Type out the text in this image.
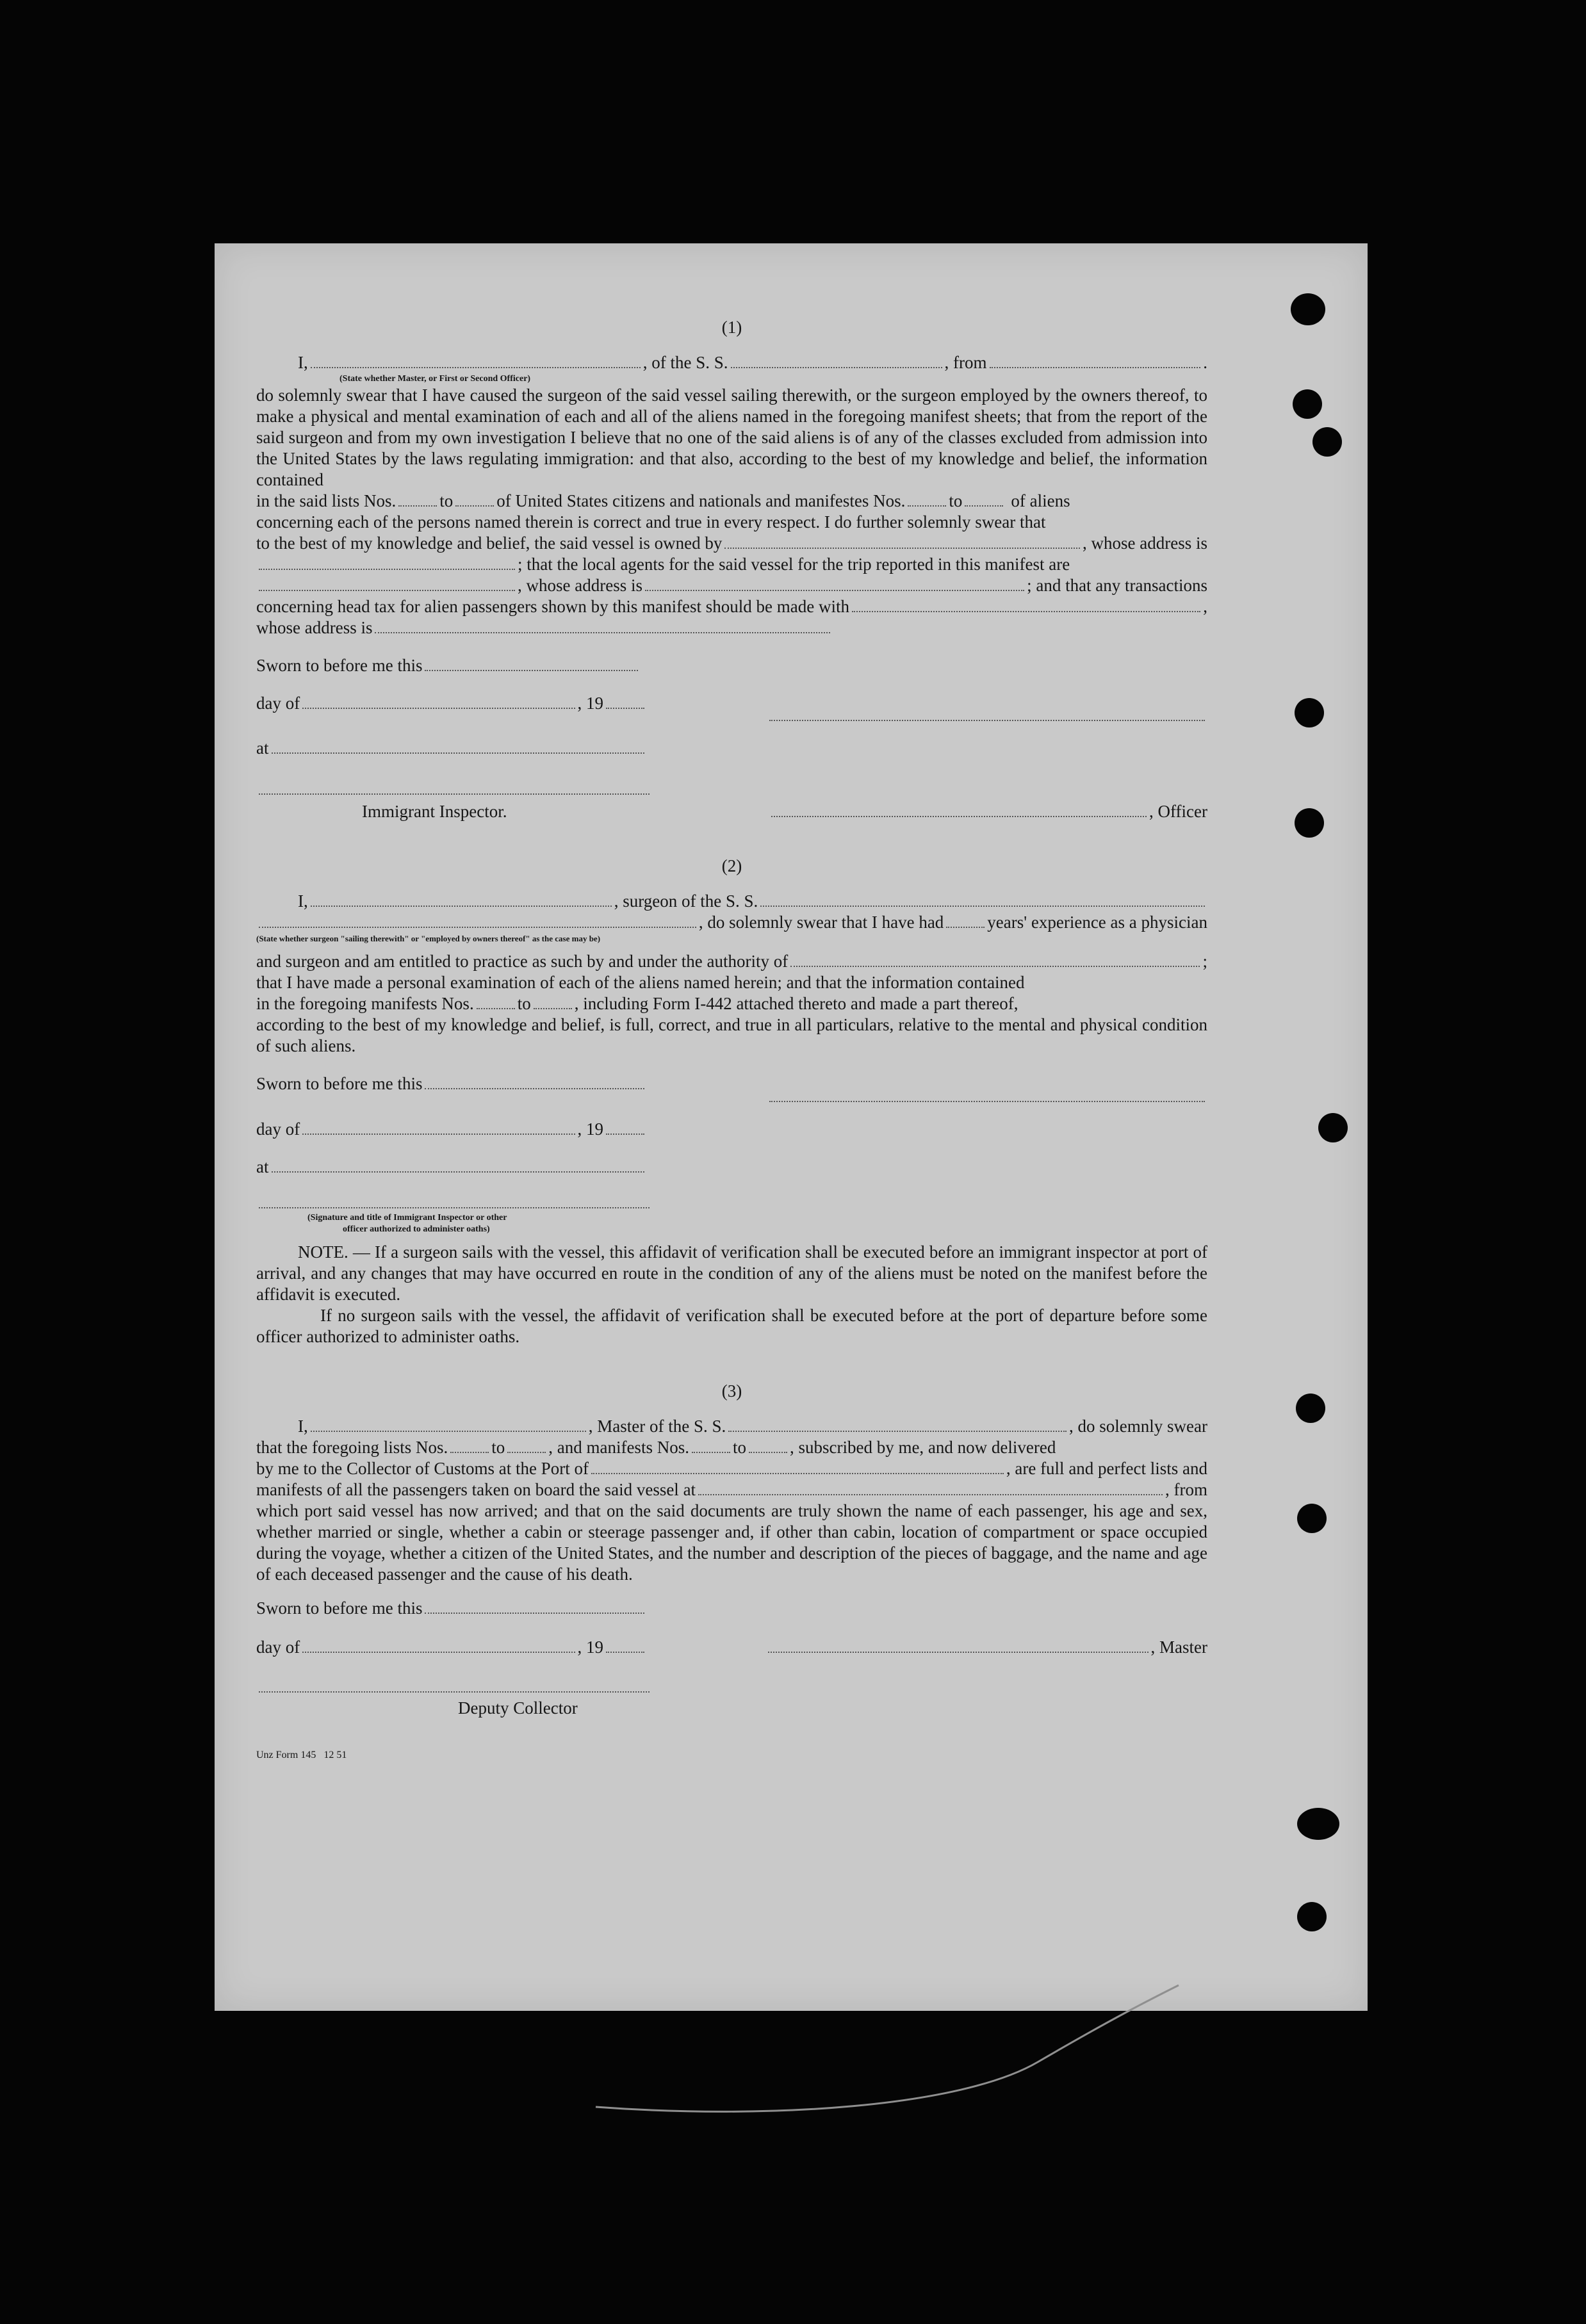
(1)
I,	, of the S. S.	, from	.
(State whether Master, or First or Second Officer)
do solemnly swear that I have caused the surgeon of the said vessel sailing therewith, or the surgeon employed by the owners thereof, to make a physical and mental examination of each and all of the aliens named in the foregoing manifest sheets; that from the report of the said surgeon and from my own investigation I believe that no one of the said aliens is of any of the classes excluded from admission into the United States by the laws regulating immigration: and that also, according to the best of my knowledge and belief, the information contained
in the said lists Nos.	to	of United States citizens and nationals and manifestes Nos.	to	of aliens
concerning each of the persons named therein is correct and true in every respect. I do further solemnly swear that
to the best of my knowledge and belief, the said vessel is owned by	, whose address is
; that the local agents for the said vessel for the trip reported in this manifest are
, whose address is	; and that any transactions
concerning head tax for alien passengers shown by this manifest should be made with	,
whose address is
Sworn to before me this
day of	, 19
at
Immigrant Inspector.	, Officer
(2)
I,	, surgeon of the S. S.
, do solemnly swear that I have had	years' experience as a physician
(State whether surgeon "sailing therewith" or "employed by owners thereof" as the case may be)
and surgeon and am entitled to practice as such by and under the authority of	;
that I have made a personal examination of each of the aliens named herein; and that the information contained
in the foregoing manifests Nos.	to	, including Form I-442 attached thereto and made a part thereof,
according to the best of my knowledge and belief, is full, correct, and true in all particulars, relative to the mental and physical condition of such aliens.
Sworn to before me this
day of	, 19
at
(Signature and title of Immigrant Inspector or other
officer authorized to administer oaths)
NOTE. — If a surgeon sails with the vessel, this affidavit of verification shall be executed before an immigrant inspector at port of arrival, and any changes that may have occurred en route in the condition of any of the aliens must be noted on the manifest before the affidavit is executed.
If no surgeon sails with the vessel, the affidavit of verification shall be executed before at the port of departure before some officer authorized to administer oaths.
(3)
I,	, Master of the S. S.	, do solemnly swear
that the foregoing lists Nos.	to	, and manifests Nos.	to	, subscribed by me, and now delivered
by me to the Collector of Customs at the Port of	, are full and perfect lists and
manifests of all the passengers taken on board the said vessel at	, from
which port said vessel has now arrived; and that on the said documents are truly shown the name of each passenger, his age and sex, whether married or single, whether a cabin or steerage passenger and, if other than cabin, location of compartment or space occupied during the voyage, whether a citizen of the United States, and the number and description of the pieces of baggage, and the name and age of each deceased passenger and the cause of his death.
Sworn to before me this
day of	, 19	, Master
Deputy Collector
Unz Form 145   12 51
